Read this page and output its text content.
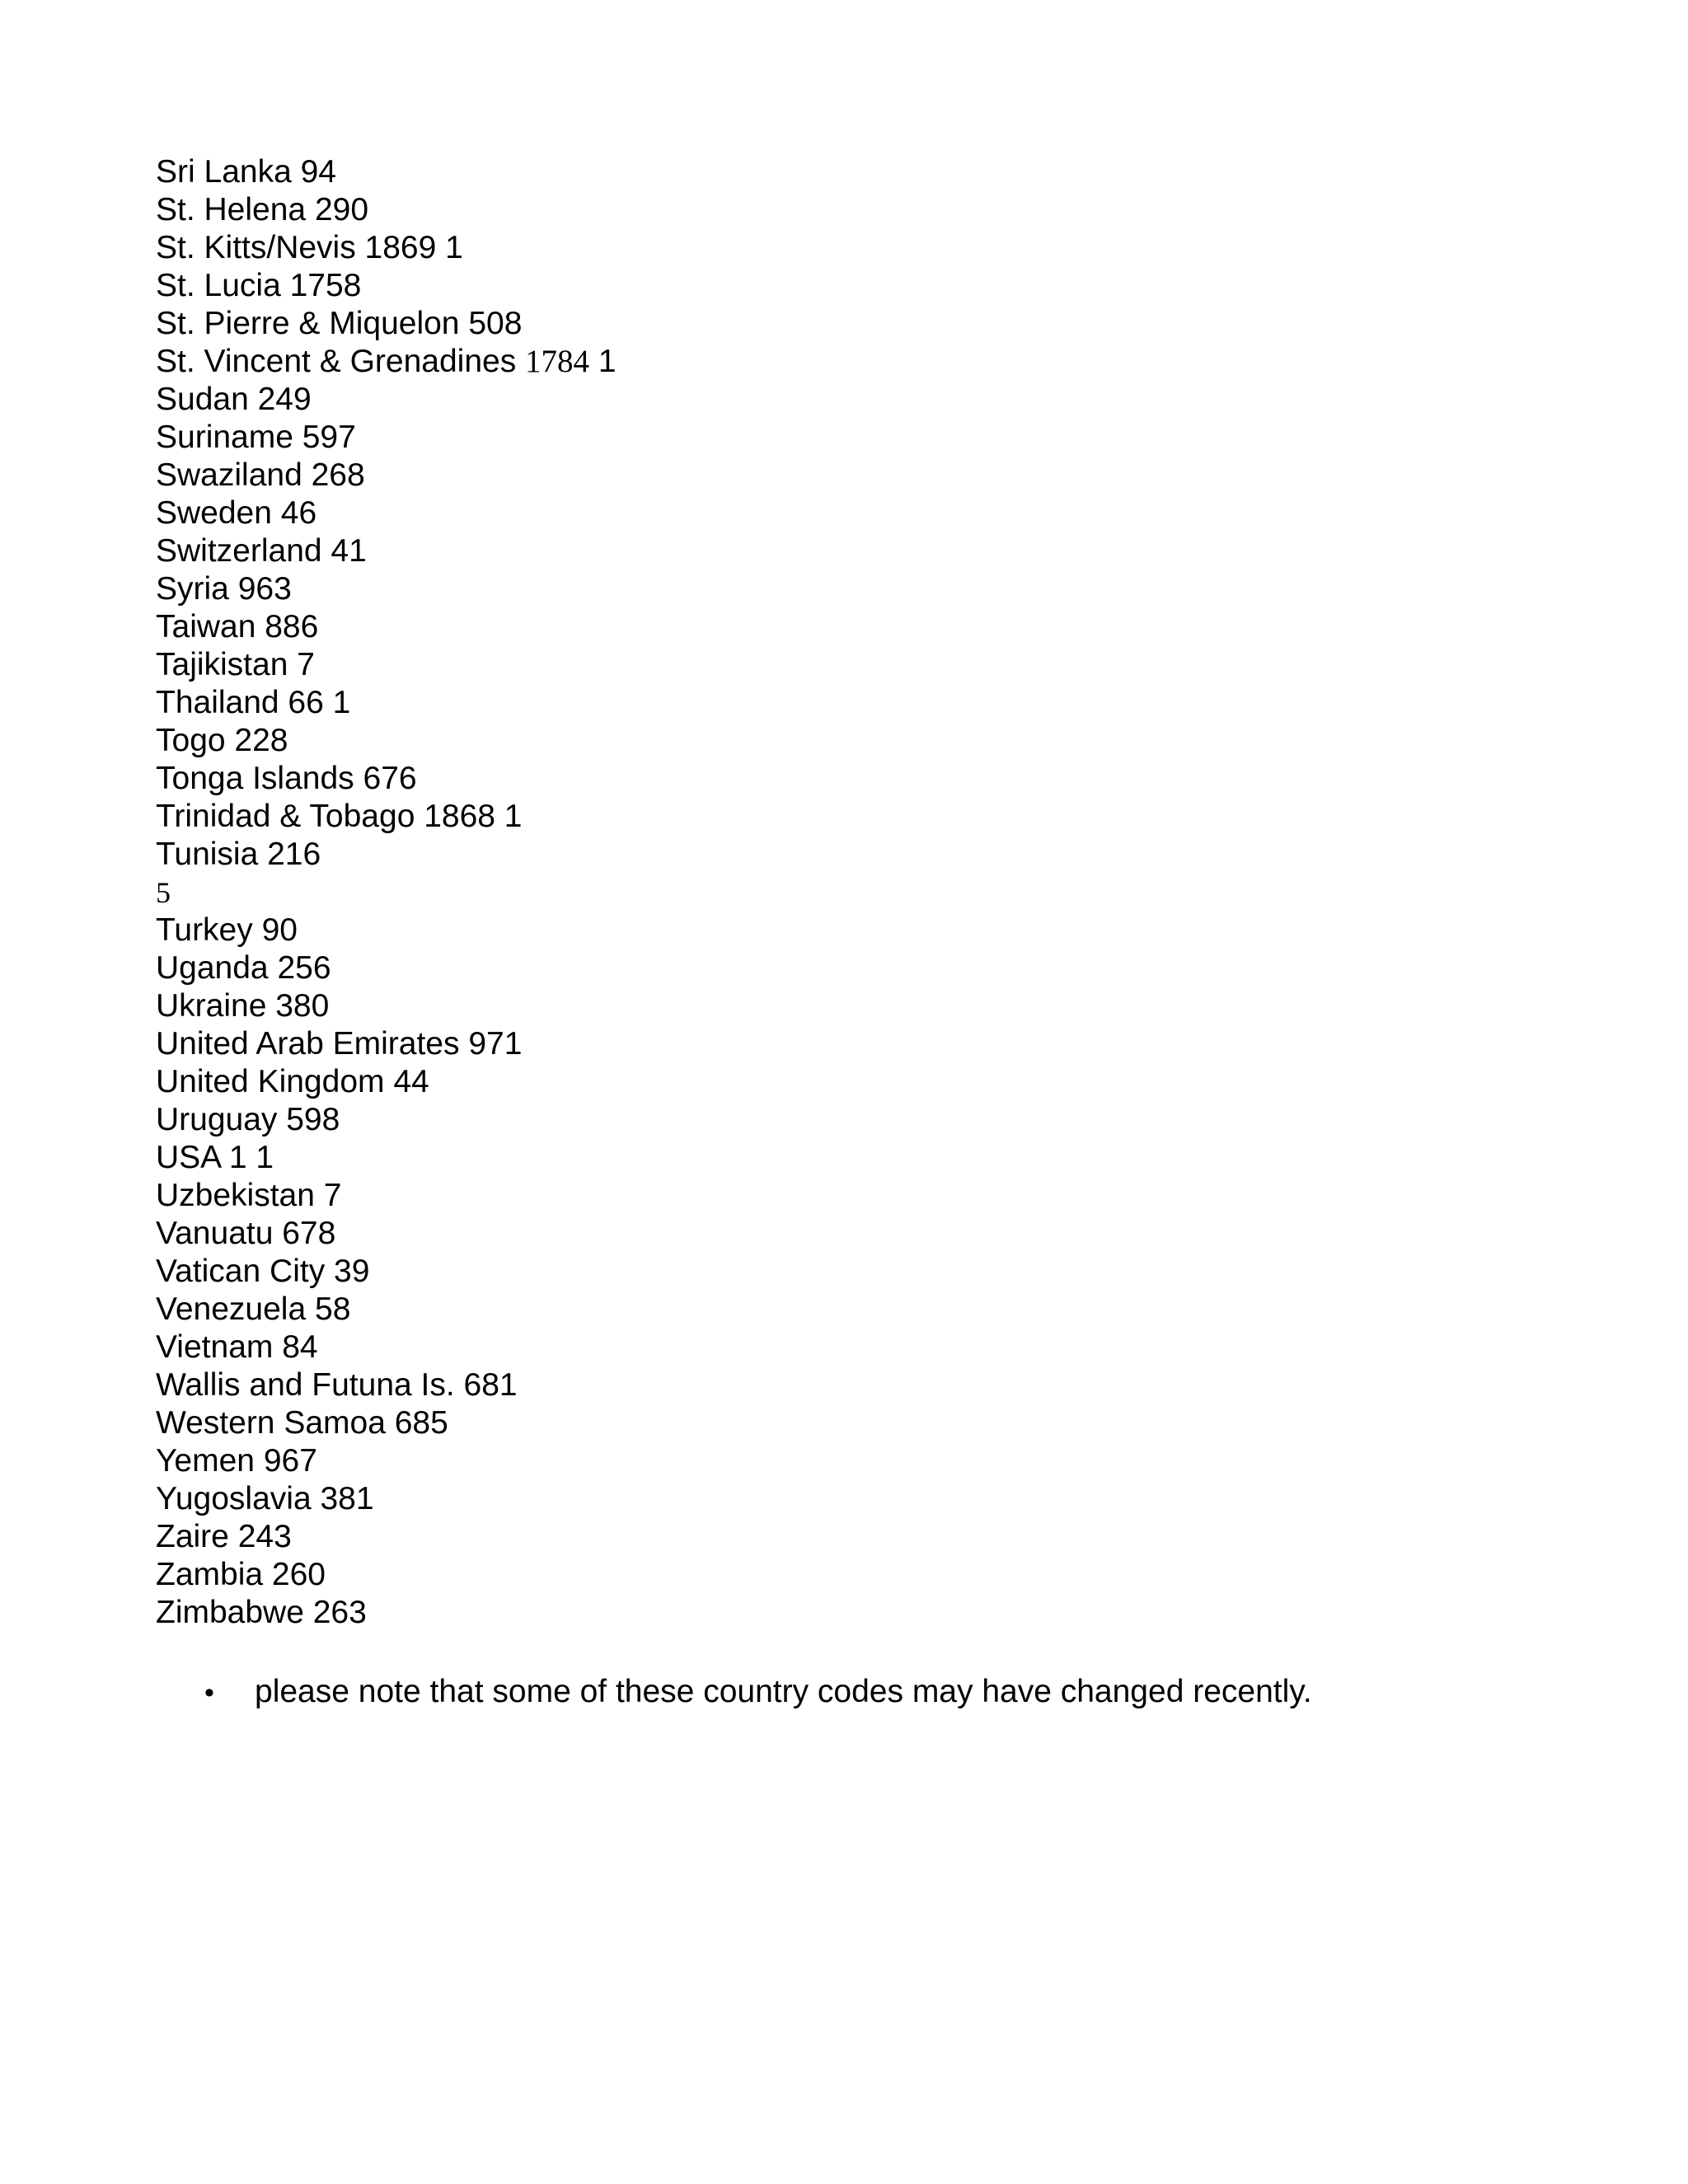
Sri Lanka 94
St. Helena 290
St. Kitts/Nevis 1869 1
St. Lucia 1758
St. Pierre & Miquelon 508
St. Vincent & Grenadines 1784 1
Sudan 249
Suriname 597
Swaziland 268
Sweden 46
Switzerland 41
Syria 963
Taiwan 886
Tajikistan 7
Thailand 66 1
Togo 228
Tonga Islands 676
Trinidad & Tobago 1868 1
Tunisia 216
5
Turkey 90
Uganda 256
Ukraine 380
United Arab Emirates 971
United Kingdom 44
Uruguay 598
USA 1 1
Uzbekistan 7
Vanuatu 678
Vatican City 39
Venezuela 58
Vietnam 84
Wallis and Futuna Is. 681
Western Samoa 685
Yemen 967
Yugoslavia 381
Zaire 243
Zambia 260
Zimbabwe 263
•	please note that some of these country codes may have changed recently.
